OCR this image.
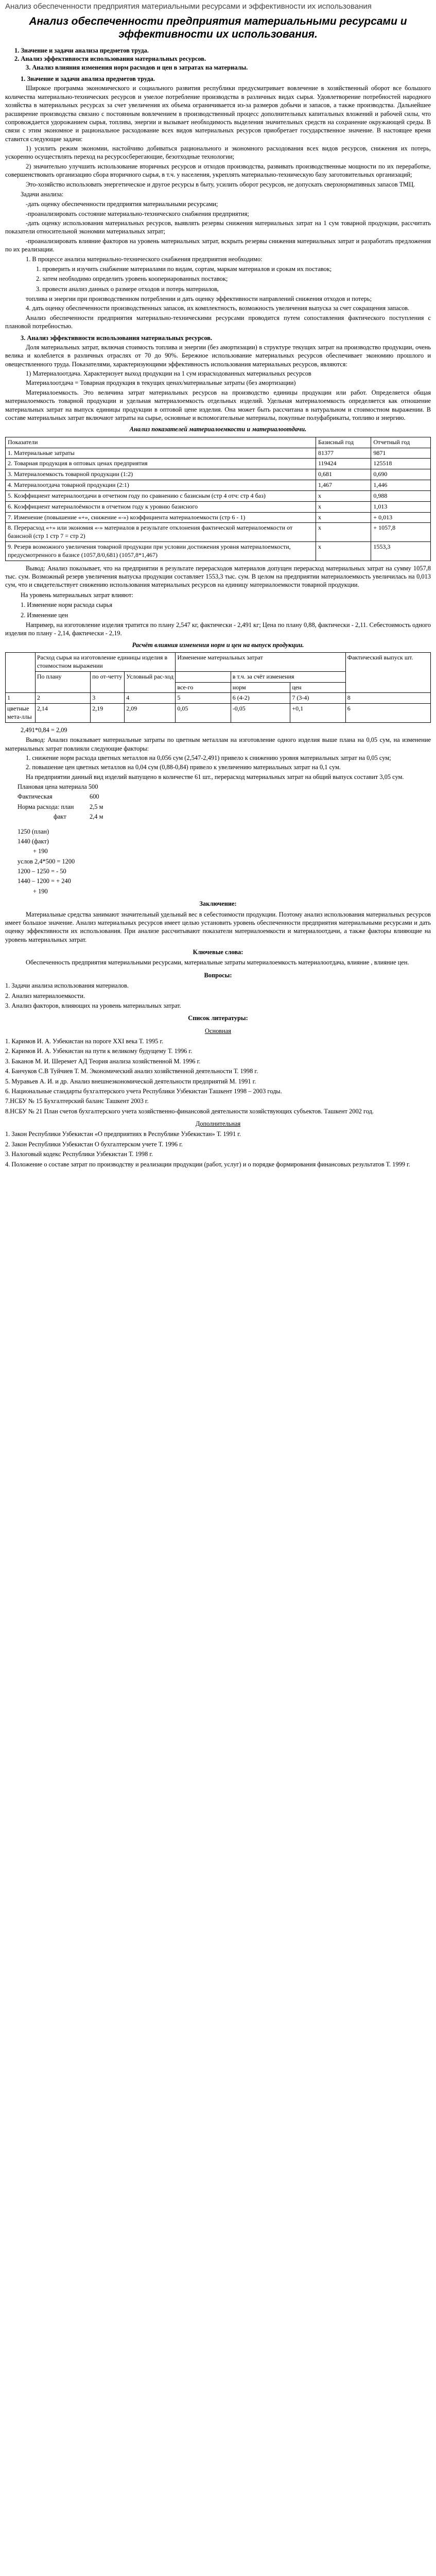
Анализ обеспеченности предприятия материальными ресурсами и эффективности их использования
Анализ обеспеченности предприятия материальными ресурсами и эффективности их использования.
1. Значение и задачи анализа предметов труда.
2. Анализ эффективности использования материальных ресурсов.
3. Анализ влияния изменения норм расходов и цен в затратах на материалы.
1. Значение и задачи анализа предметов труда.

Широкое программа экономического и социального развития республики предусматривает вовлечение в хозяйственный оборот все большого количества материально-технических ресурсов и умелое потребление производства в различных видах сырья. Удовлетворение потребностей народного хозяйства в материальных ресурсах за счет увеличения их объема ограничивается из-за размеров добычи и запасов, а также производства. Дальнейшее расширение производства связано с постоянным вовлечением в производственный процесс дополнительных капитальных вложений и рабочей силы, что сопровождается удорожанием сырья, топлива, энергии и вызывает необходимость выделения значительных средств на сохранение окружающей среды. В связи с этим экономное и рациональное расходование всех видов материальных ресурсов приобретает государственное значение. В настоящее время ставится следующие задачи:

1) усилить режим экономии, настойчиво добиваться рационального и экономного расходования всех видов ресурсов, снижения их потерь, ускоренно осуществлять переход на ресурсосберегающие, безотходные технологии;

2) значительно улучшить использование вторичных ресурсов и отходов производства, развивать производственные мощности по их переработке, совершенствовать организацию сбора вторичного сырья, в т.ч. у населения, укреплять материально-техническую базу заготовительных организаций;

Это-хозяйство использовать энергетическое и другое ресурсы в быту, усилить оборот ресурсов, не допускать сверхнормативных запасов ТМЦ.

Задачи анализа:

-дать оценку обеспеченности предприятия материальными ресурсами;

-проанализировать состояние материально-технического снабжения предприятия;

-дать оценку использования материальных ресурсов, выявлять резервы снижения материальных затрат на 1 сум товарной продукции, рассчитать показатели относительной экономии материальных затрат;

-проанализировать влияние факторов на уровень материальных затрат, вскрыть резервы снижения материальных затрат и разработать предложения по их реализации.

1. В процессе анализа материально-технического снабжения предприятия необходимо:

1. проверить и изучить снабжение материалами по видам, сортам, маркам материалов и срокам их поставок;

2. затем необходимо определить уровень коопериарованных поставок;

3. провести анализ данных о размере отходов и потерь материалов,

топлива и энергии при производственном потреблении и дать оценку эффективности направлений снижения отходов и потерь;

4. дать оценку обеспеченности производственных запасов, их комплектность, возможность увеличения выпуска за счет сокращения запасов.

Анализ обеспеченности предприятия материально-техническими ресурсами проводится путем сопоставления фактического поступления с плановой потребностью.

3. Анализ эффективности использования материальных ресурсов.

Доля материальных затрат, включая стоимость топлива и энергии (без амортизации) в структуре текущих затрат на производство продукции, очень велика и колеблется в различных отраслях от 70 до 90%. Бережное использование материальных ресурсов обеспечивает экономию прошлого и овеществленного труда. Показателями, характеризующими эффективность использования материальных ресурсов, являются:

1) Материалоотдача. Характеризует выход продукции на 1 сум израсходованных материальных ресурсов

Материалоотдача = Товарная продукция в текущих ценах/материальные затраты (без амортизации)

Материалоемкость. Это величина затрат материальных ресурсов на производство единицы продукции или работ. Определяется общая материалоемкость товарной продукции и удельная материалоемкость отдельных изделий. Удельная материалоемкость определяется как отношение материальных затрат на выпуск единицы продукции в оптовой цене изделия. Она может быть рассчитана в натуральном и стоимостном выражении. В составе материальных затрат включают затраты на сырье, основные и вспомогательные материалы, покупные полуфабрикаты, топливо и энергию.

Анализ показателей материалоемкости и материалоотдачи.

Показатели	Базисный год	Отчетный год
1. Материальные затраты	81377	9871
2. Товарная продукция в оптовых ценах предприятия	119424	125518
3. Материалоемкость товарной продукции (1:2)	0,681	0,690
4. Материалоотдача товарной продукции (2:1)	1,467	1,446
5. Коэффициент материалоотдачи в отчетном году по сравнению с базисным (стр 4 отч: стр 4 баз)	х	0,988
6. Коэффициент материалоёмкости в отчетном году к уровню базисного	х	1,013
7. Изменение (повышение «+», снижение «-») коэффициента материалоемкости (стр 6 - 1)	х	+ 0,013
8. Перерасход «+» или экономия «-» материалов в результате отклонения фактической материалоемкости от базисной (стр 1 стр 7 = стр 2)	х	+ 1057,8
9. Резерв возможного увеличения товарной продукции при условии достижения уровня материалоемкости, предусмотренного в базисе (1057,8/0,681) (1057,8*1,467)	х	1553,3

Вывод: Анализ показывает, что на предприятии в результате перерасходов материалов допущен перерасход материальных затрат на сумму 1057,8 тыс. сум. Возможный резерв увеличения выпуска продукции составляет 1553,3 тыс. сум. В целом на предприятии материалоемкость увеличилась на 0,013 сум, что и свидетельствует снижению использования материальных ресурсов на единицу материалоемкости товарной продукции.

На уровень материальных затрат влияют:

1. Изменение норм расхода сырья

2. Изменение цен

Например, на изготовление изделия тратится по плану 2,547 кг, фактически - 2,491 кг; Цена по плану 0,88, фактически - 2,11. Себестоимость одного изделия по плану - 2,14, фактически - 2,19.

Расчёт влияния изменения норм и цен на выпуск продукции.

	Расход сырья на изготовление единицы изделия в стоимостном выражении			Изменение материальных затрат			Фактический выпуск шт.
	По плану	по от-четту	Условный рас-ход		в т.ч. за счёт изменения		
				все-го	норм	цен	
1	2	3	4	5	6 (4-2)	7 (3-4)	8
цветные мета-ллы	2,14	2,19	2,09	0,05	-0,05	+0,1	6

2,491*0,84 = 2,09

Вывод: Анализ показывает материальные затраты по цветным металлам на изготовление одного изделия выше плана на 0,05 сум, на изменение материальных затрат повлияли следующие факторы:

1. снижение норм расхода цветных металлов на 0,056 сум (2,547-2,491) привело к снижению уровня материальных затрат на 0,05 сум;

2. повышение цен цветных металлов на 0,04 сум (0,88-0,84) привело к увеличению материальных затрат на 0,1 сум.

На предприятии данный вид изделий выпущено в количестве 61 шт., перерасход материальных затрат на общий выпуск составит 3,05 сум.

Плановая цена материала 500

Фактическая	600
Норма расхода: план	2,5 м
факт	2,4 м

1250 (план)

1440 (факт)

+ 190

услов 2,4*500 = 1200

1200 – 1250 = - 50

1440 – 1200 = + 240

+ 190

Заключение:

Материальные средства занимают значительный удельный вес в себестоимости продукции. Поэтому анализ использования материальных ресурсов имеет большое значение. Анализ материальных ресурсов имеет целью установить уровень обеспеченности предприятия материальными ресурсами и дать оценку эффективности их использования. При анализе рассчитывают показатели материалоемкости и материалоотдачи, а также факторы влияющие на уровень материальных затрат.

Ключевые слова:

Обеспеченность предприятия материальными ресурсами, материальные затраты материалоемкость материалоотдача, влияние , влияние цен.

Вопросы:
1. Задачи анализа использования материалов.
2. Анализ материалоемкости.
3. Анализ факторов, влияющих на уровень материальных затрат.
Список литературы:
Основная
1. Каримов И. А. Узбекистан на пороге XXI века Т. 1995 г.
2. Каримов И. А. Узбекистан на пути к великому будущему Т. 1996 г.
3. Баканов М. И. Шеремет АД Теория анализа хозяйственной М. 1996 г.
4. Банчуков С.В Туйчиев Т. М. Экономический анализ хозяйственной деятельности Т. 1998 г.
5. Муравьев А. И. и др. Анализ внешнеэкономической деятельности предприятий М. 1991 г.
6. Национальные стандарты бухгалтерского учета Республики Узбекистан Ташкент 1998 – 2003 годы.
7.НСБУ № 15 Бухгалтерский баланс Ташкент 2003 г.
8.НСБУ № 21 План счетов бухгалтерского учета хозяйственно-финансовой деятельности хозяйствующих субъектов. Ташкент 2002 год.
Дополнительная
1. Закон Республики Узбекистан «О предприятиях в Республике Узбекистан» Т. 1991 г.
2. Закон Республики Узбекистан О бухгалтерском учете Т. 1996 г.
3. Налоговый кодекс Республики Узбекистан Т. 1998 г.
4. Положение о составе затрат по производству и реализации продукции (работ, услуг) и о порядке формирования финансовых результатов Т. 1999 г.
